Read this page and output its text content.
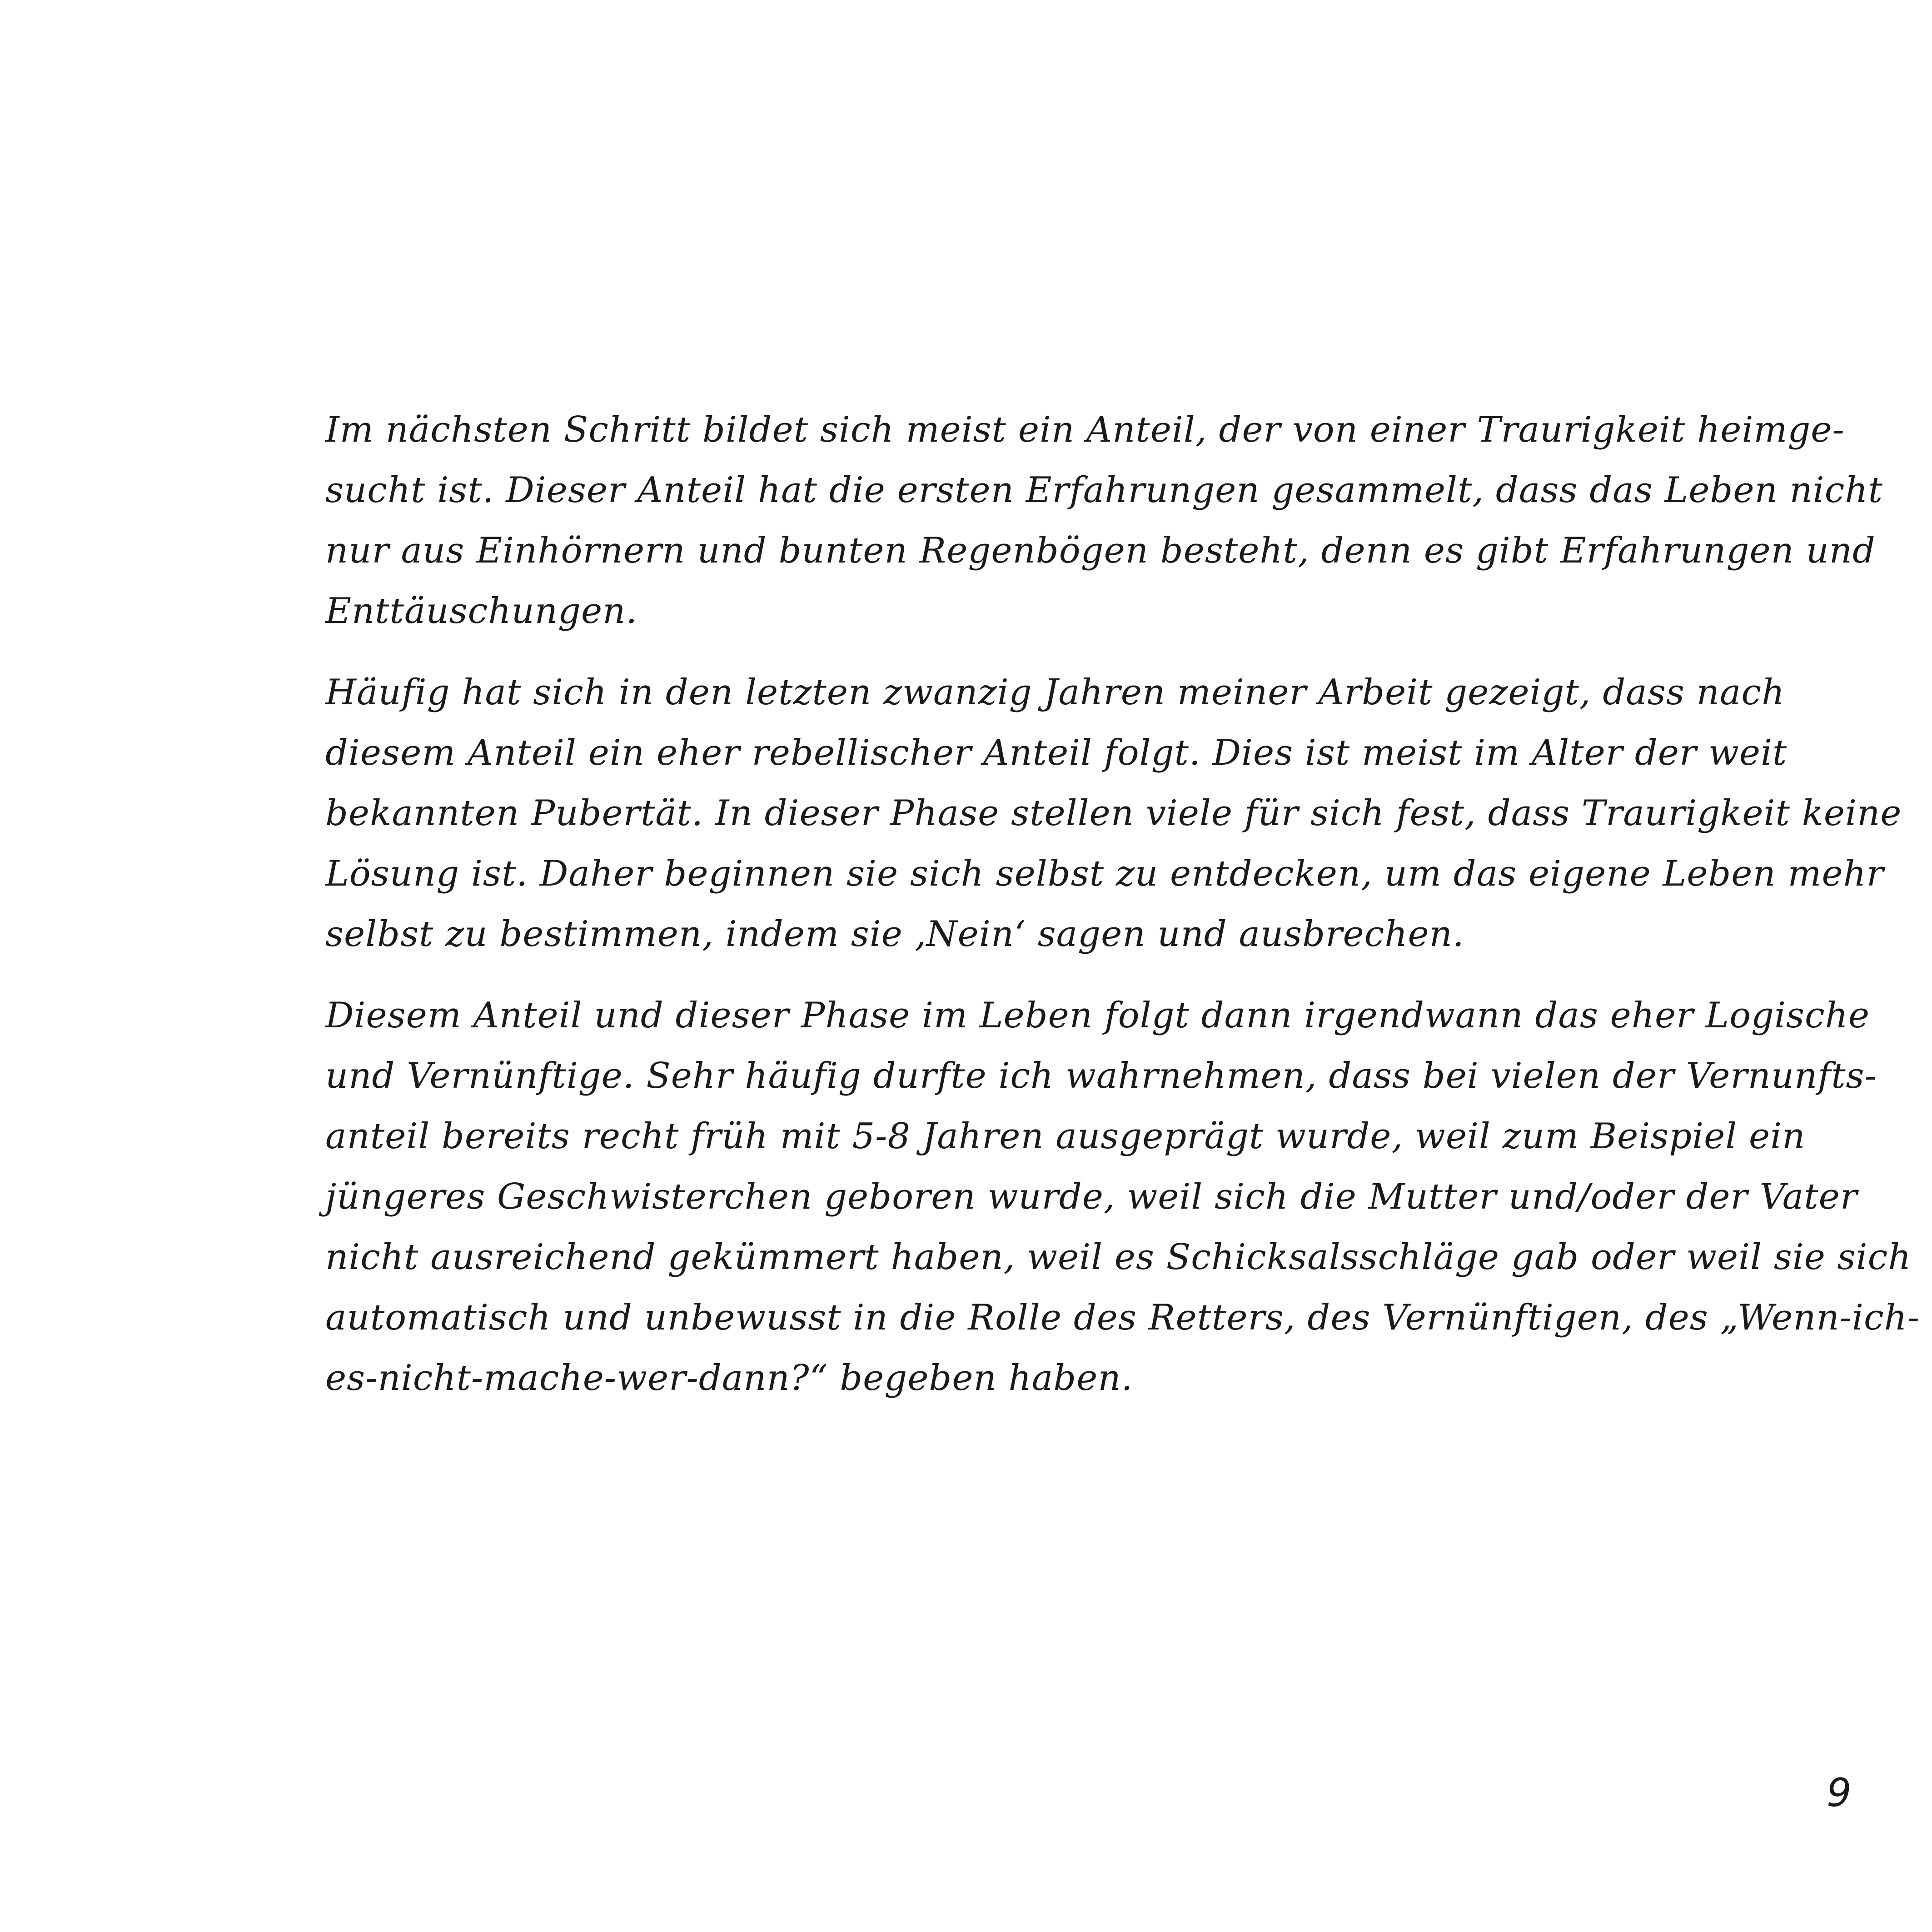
Im nächsten Schritt bildet sich meist ein Anteil, der von einer Traurigkeit heimge-
sucht ist. Dieser Anteil hat die ersten Erfahrungen gesammelt, dass das Leben nicht
nur aus Einhörnern und bunten Regenbögen besteht, denn es gibt Erfahrungen und
Enttäuschungen.
Häufig hat sich in den letzten zwanzig Jahren meiner Arbeit gezeigt, dass nach
diesem Anteil ein eher rebellischer Anteil folgt. Dies ist meist im Alter der weit
bekannten Pubertät. In dieser Phase stellen viele für sich fest, dass Traurigkeit keine
Lösung ist. Daher beginnen sie sich selbst zu entdecken, um das eigene Leben mehr
selbst zu bestimmen, indem sie ‚Nein‘ sagen und ausbrechen.
Diesem Anteil und dieser Phase im Leben folgt dann irgendwann das eher Logische
und Vernünftige. Sehr häufig durfte ich wahrnehmen, dass bei vielen der Vernunfts-
anteil bereits recht früh mit 5-8 Jahren ausgeprägt wurde, weil zum Beispiel ein
jüngeres Geschwisterchen geboren wurde, weil sich die Mutter und/oder der Vater
nicht ausreichend gekümmert haben, weil es Schicksalsschläge gab oder weil sie sich
automatisch und unbewusst in die Rolle des Retters, des Vernünftigen, des „Wenn-ich-
es-nicht-mache-wer-dann?“ begeben haben.
9
